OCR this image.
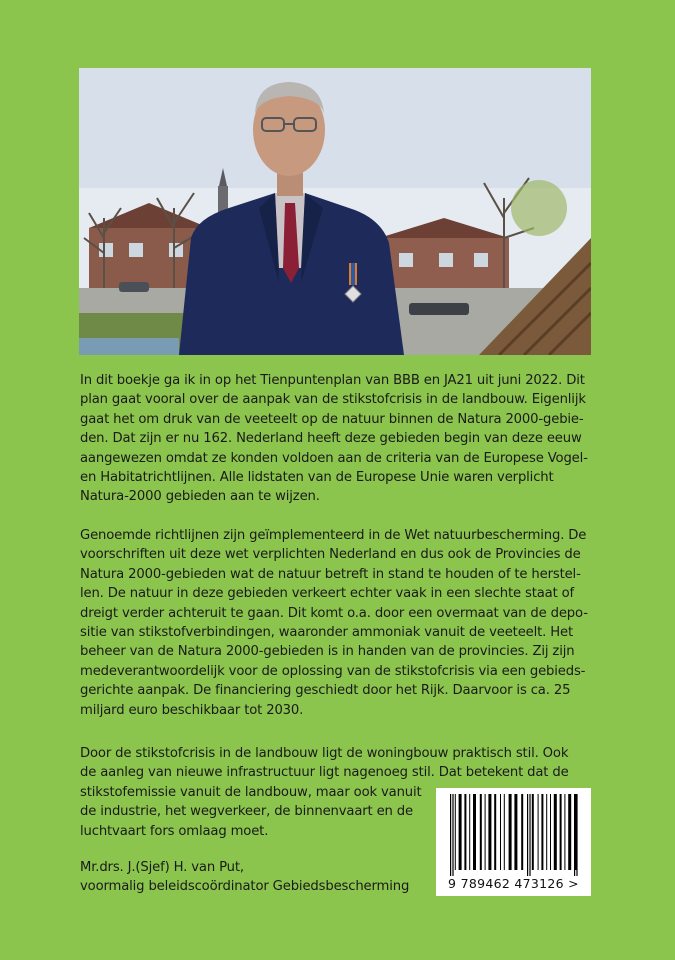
In dit boekje ga ik in op het Tienpuntenplan van BBB en JA21 uit juni 2022. Dit
plan gaat vooral over de aanpak van de stikstofcrisis in de landbouw. Eigenlijk
gaat het om druk van de veeteelt op de natuur binnen de Natura 2000-gebie-
den. Dat zijn er nu 162. Nederland heeft deze gebieden begin van deze eeuw
aangewezen omdat ze konden voldoen aan de criteria van de Europese Vogel-
en Habitatrichtlijnen. Alle lidstaten van de Europese Unie waren verplicht
Natura-2000 gebieden aan te wijzen.
Genoemde richtlijnen zijn geïmplementeerd in de Wet natuurbescherming. De
voorschriften uit deze wet verplichten Nederland en dus ook de Provincies de
Natura 2000-gebieden wat de natuur betreft in stand te houden of te herstel-
len. De natuur in deze gebieden verkeert echter vaak in een slechte staat of
dreigt verder achteruit te gaan. Dit komt o.a. door een overmaat van de depo-
sitie van stikstofverbindingen, waaronder ammoniak vanuit de veeteelt. Het
beheer van de Natura 2000-gebieden is in handen van de provincies. Zij zijn
medeverantwoordelijk voor de oplossing van de stikstofcrisis via een gebieds-
gerichte aanpak. De financiering geschiedt door het Rijk. Daarvoor is ca. 25
miljard euro beschikbaar tot 2030.
Door de stikstofcrisis in de landbouw ligt de woningbouw praktisch stil. Ook
de aanleg van nieuwe infrastructuur ligt nagenoeg stil. Dat betekent dat de
stikstofemissie vanuit de landbouw, maar ook vanuit
de industrie, het wegverkeer, de binnenvaart en de
luchtvaart fors omlaag moet.
Mr.drs. J.(Sjef) H. van Put,
voormalig beleidscoördinator Gebiedsbescherming	9 789462 473126 >
